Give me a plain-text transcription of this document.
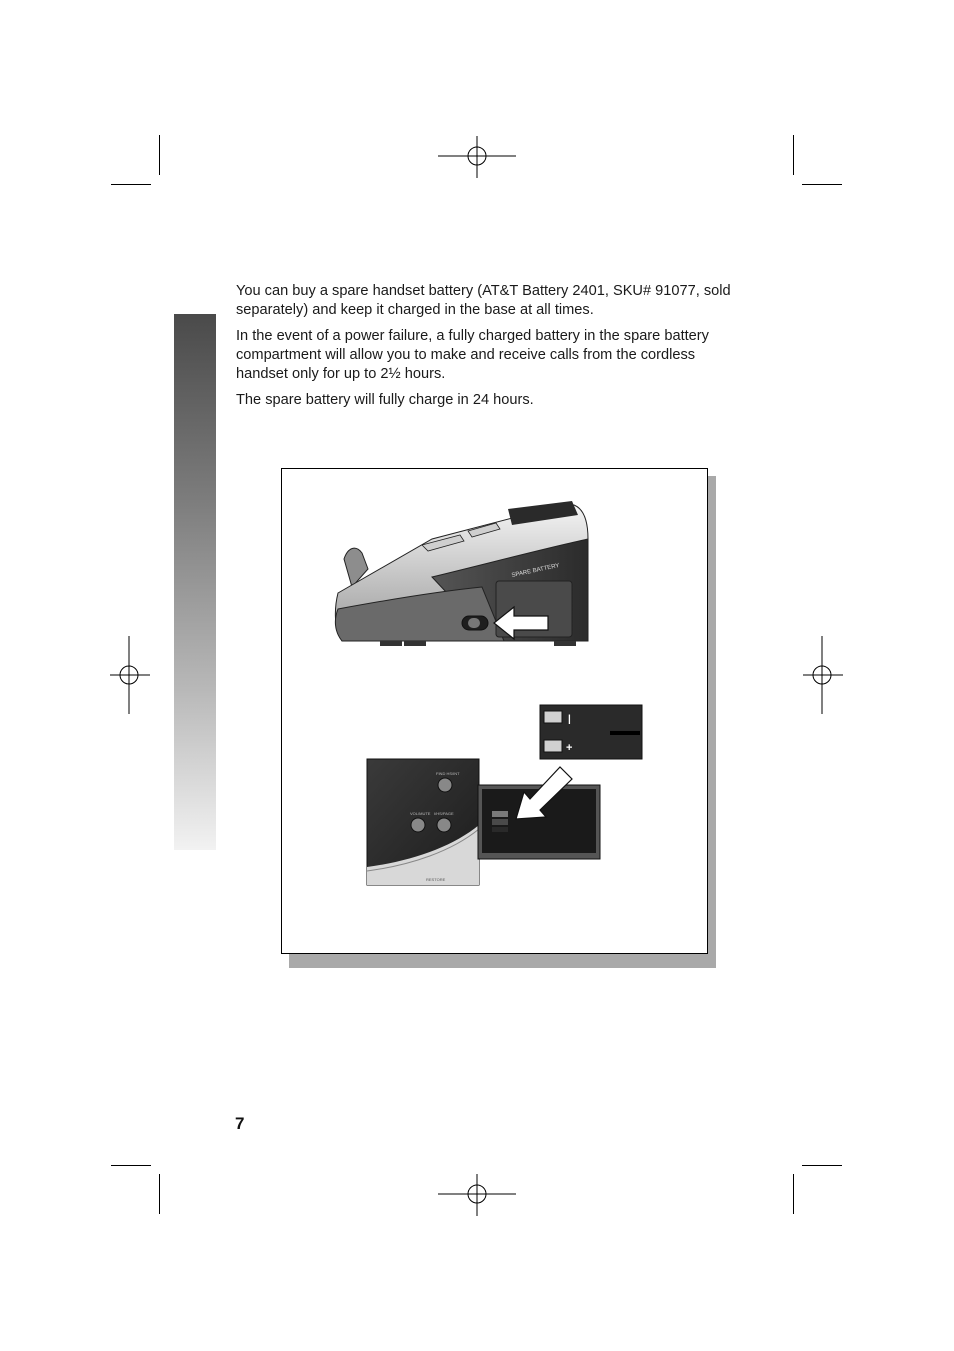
You can buy a spare handset battery (AT&T Battery 2401, SKU# 91077, sold separately) and keep it charged in the base at all times.

In the event of a power failure, a fully charged battery in the spare battery compartment will allow you to make and receive calls from the cordless handset only for up to 2½ hours.

The spare battery will fully charge in 24 hours.

SPARE BATTERY
|
+
FIND HS/INT
VOL/MUTE I/HS/PAGE
RESTORE
7
